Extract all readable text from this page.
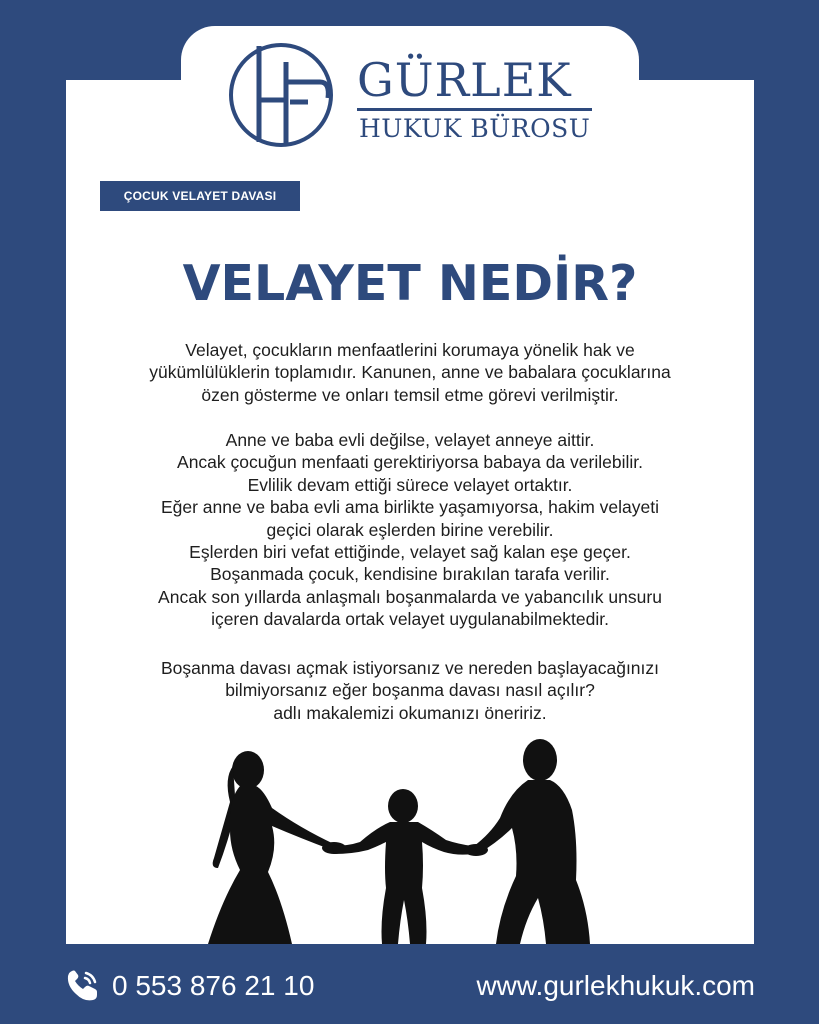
GÜRLEK
HUKUK BÜROSU
ÇOCUK VELAYET DAVASI
VELAYET NEDİR?
Velayet, çocukların menfaatlerini korumaya yönelik hak ve
yükümlülüklerin toplamıdır. Kanunen, anne ve babalara çocuklarına
özen gösterme ve onları temsil etme görevi verilmiştir.
Anne ve baba evli değilse, velayet anneye aittir.
Ancak çocuğun menfaati gerektiriyorsa babaya da verilebilir.
Evlilik devam ettiği sürece velayet ortaktır.
Eğer anne ve baba evli ama birlikte yaşamıyorsa, hakim velayeti
geçici olarak eşlerden birine verebilir.
Eşlerden biri vefat ettiğinde, velayet sağ kalan eşe geçer.
Boşanmada çocuk, kendisine bırakılan tarafa verilir.
Ancak son yıllarda anlaşmalı boşanmalarda ve yabancılık unsuru
içeren davalarda ortak velayet uygulanabilmektedir.
Boşanma davası açmak istiyorsanız ve nereden başlayacağınızı
bilmiyorsanız eğer boşanma davası nasıl açılır?
adlı makalemizi okumanızı öneririz.
0 553 876 21 10	www.gurlekhukuk.com
